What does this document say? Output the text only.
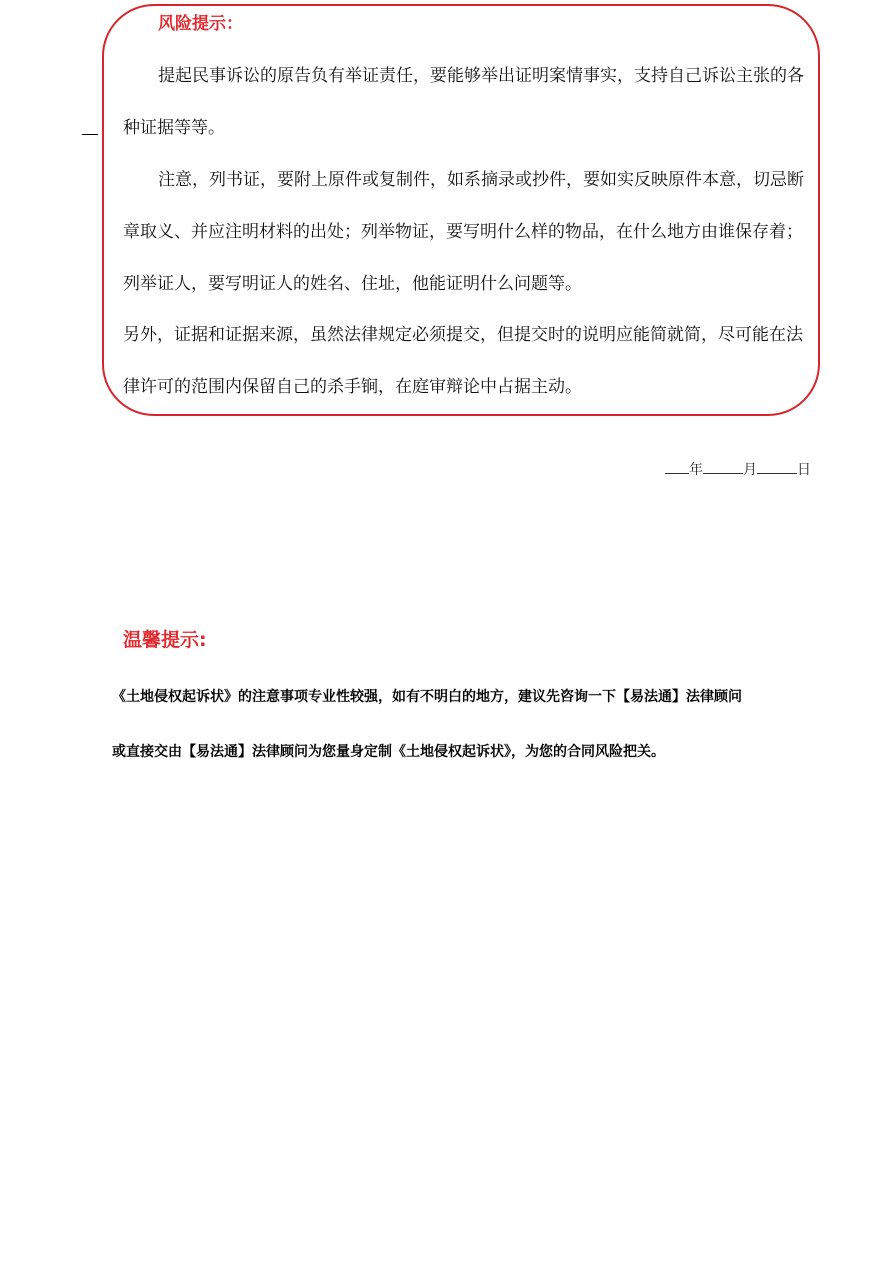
风险提示：
提起民事诉讼的原告负有举证责任，要能够举出证明案情事实，支持自己诉讼主张的各
种证据等等。
注意，列书证，要附上原件或复制件，如系摘录或抄件，要如实反映原件本意，切忌断
章取义、并应注明材料的出处；列举物证，要写明什么样的物品，在什么地方由谁保存着；
列举证人，要写明证人的姓名、住址，他能证明什么问题等。
另外，证据和证据来源，虽然法律规定必须提交，但提交时的说明应能简就简，尽可能在法
律许可的范围内保留自己的杀手锏，在庭审辩论中占据主动。
年	月	日
温馨提示:
《土地侵权起诉状》的注意事项专业性较强，如有不明白的地方，建议先咨询一下【易法通】法律顾问
或直接交由【易法通】法律顾问为您量身定制《土地侵权起诉状》，为您的合同风险把关。
